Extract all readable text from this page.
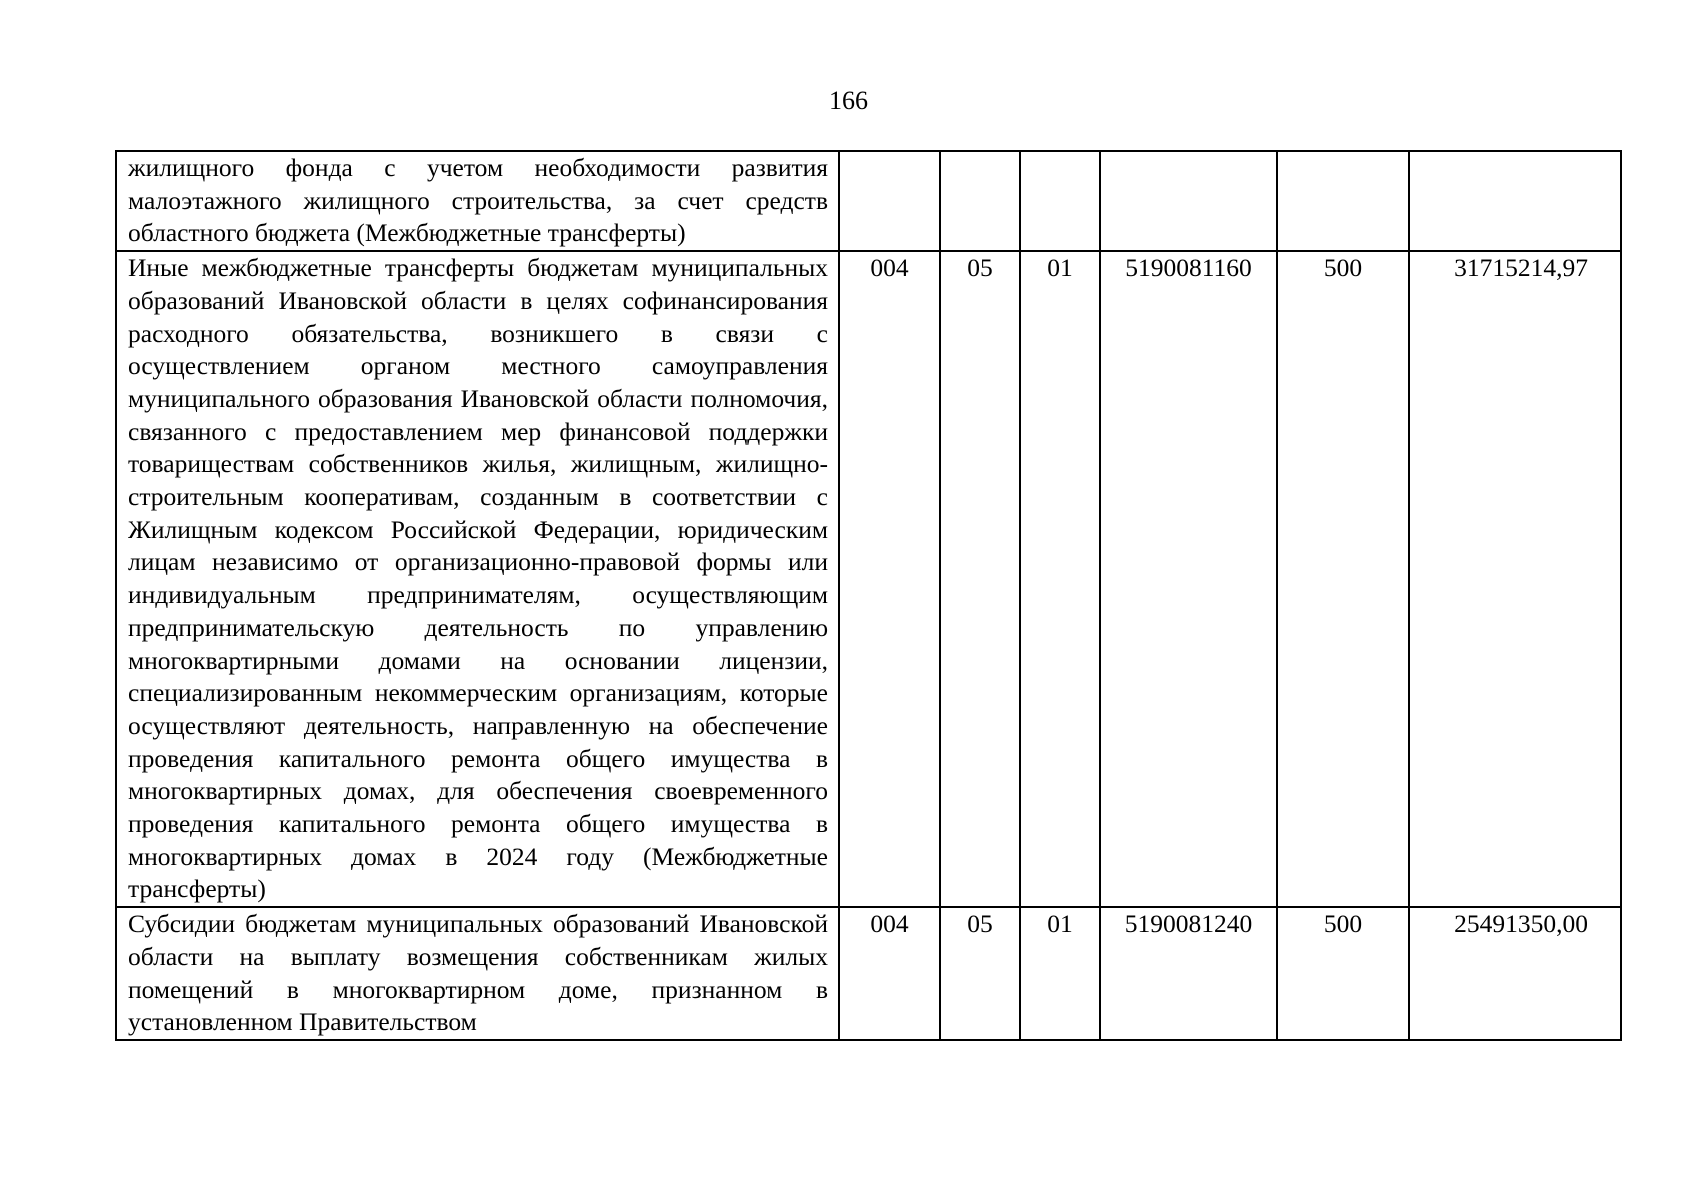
166
жилищного фонда с учетом необходимости развития малоэтажного жилищного строительства, за счет средств областного бюджета (Межбюджетные трансферты)						

Иные межбюджетные трансферты бюджетам муниципальных образований Ивановской области в целях софинансирования расходного обязательства, возникшего в связи с осуществлением органом местного самоуправления муниципального образования Ивановской области полномочия, связанного с предоставлением мер финансовой поддержки товариществам собственников жилья, жилищным, жилищно-строительным кооперативам, созданным в соответствии с Жилищным кодексом Российской Федерации, юридическим лицам независимо от организационно-правовой формы или индивидуальным предпринимателям, осуществляющим предпринимательскую деятельность по управлению многоквартирными домами на основании лицензии, специализированным некоммерческим организациям, которые осуществляют деятельность, направленную на обеспечение проведения капитального ремонта общего имущества в многоквартирных домах, для обеспечения своевременного проведения капитального ремонта общего имущества в многоквартирных домах в 2024 году (Межбюджетные трансферты)	004	05	01	5190081160	500	31715214,97

Субсидии бюджетам муниципальных образований Ивановской области на выплату возмещения собственникам жилых помещений в многоквартирном доме, признанном в установленном Правительством	004	05	01	5190081240	500	25491350,00
